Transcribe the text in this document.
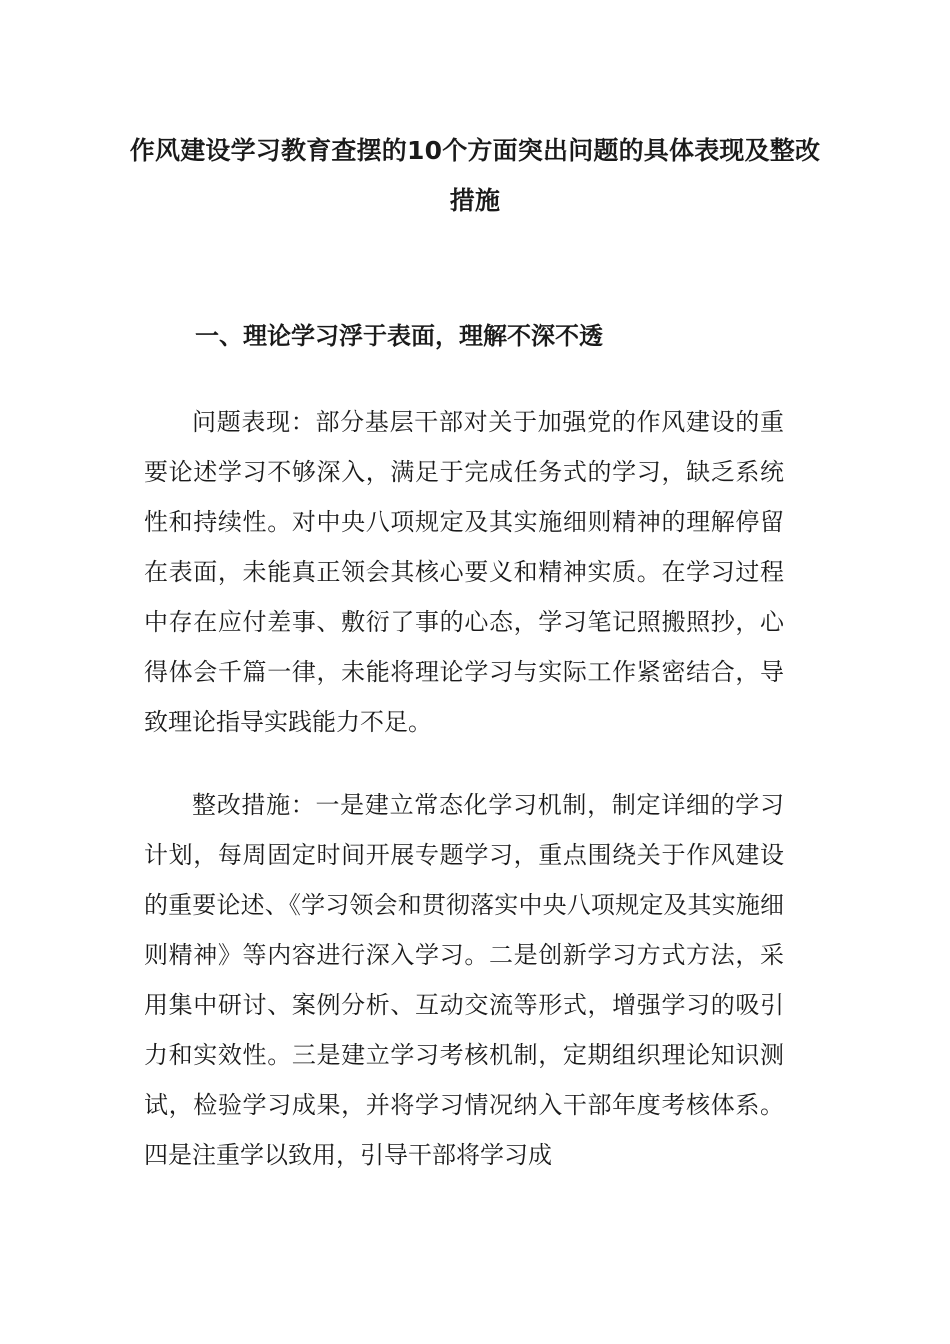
作风建设学习教育查摆的10个方面突出问题的具体表现及整改措施
一、理论学习浮于表面，理解不深不透

问题表现：部分基层干部对关于加强党的作风建设的重要论述学习不够深入，满足于完成任务式的学习，缺乏系统性和持续性。对中央八项规定及其实施细则精神的理解停留在表面，未能真正领会其核心要义和精神实质。在学习过程中存在应付差事、敷衍了事的心态，学习笔记照搬照抄，心得体会千篇一律，未能将理论学习与实际工作紧密结合，导致理论指导实践能力不足。

整改措施：一是建立常态化学习机制，制定详细的学习计划，每周固定时间开展专题学习，重点围绕关于作风建设的重要论述、《学习领会和贯彻落实中央八项规定及其实施细则精神》等内容进行深入学习。二是创新学习方式方法，采用集中研讨、案例分析、互动交流等形式，增强学习的吸引力和实效性。三是建立学习考核机制，定期组织理论知识测试，检验学习成果，并将学习情况纳入干部年度考核体系。四是注重学以致用，引导干部将学习成
